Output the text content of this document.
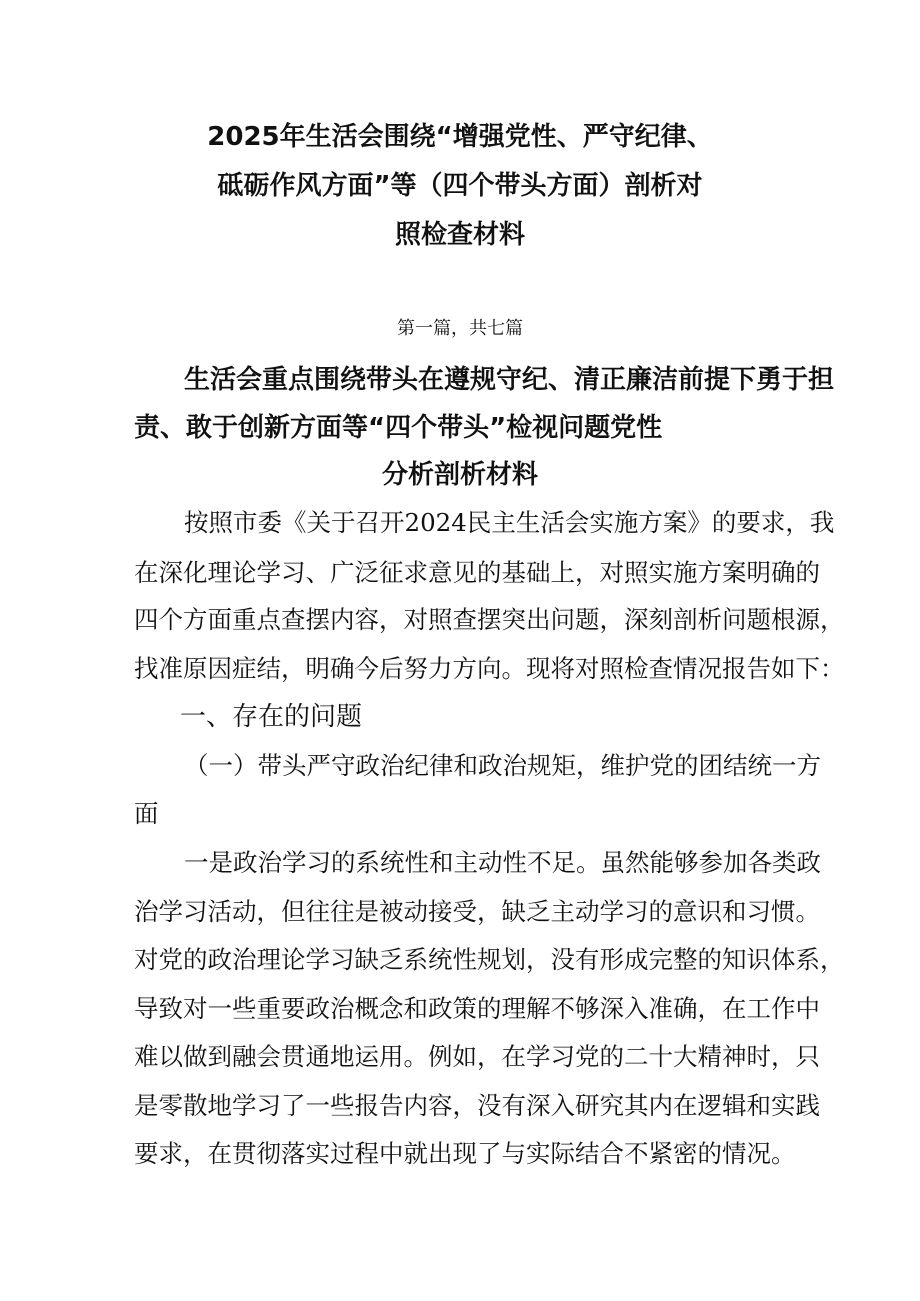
2025年生活会围绕“增强党性、严守纪律、
砥砺作风方面”等（四个带头方面）剖析对
照检查材料
第一篇，共七篇
生活会重点围绕带头在遵规守纪、清正廉洁前提下勇于担
责、敢于创新方面等“四个带头”检视问题党性
分析剖析材料
按照市委《关于召开2024民主生活会实施方案》的要求，我
在深化理论学习、广泛征求意见的基础上，对照实施方案明确的
四个方面重点查摆内容，对照查摆突出问题，深刻剖析问题根源，
找准原因症结，明确今后努力方向。现将对照检查情况报告如下：
一、存在的问题
（一）带头严守政治纪律和政治规矩，维护党的团结统一方
面
一是政治学习的系统性和主动性不足。虽然能够参加各类政
治学习活动，但往往是被动接受，缺乏主动学习的意识和习惯。
对党的政治理论学习缺乏系统性规划，没有形成完整的知识体系，
导致对一些重要政治概念和政策的理解不够深入准确，在工作中
难以做到融会贯通地运用。例如，在学习党的二十大精神时，只
是零散地学习了一些报告内容，没有深入研究其内在逻辑和实践
要求，在贯彻落实过程中就出现了与实际结合不紧密的情况。
